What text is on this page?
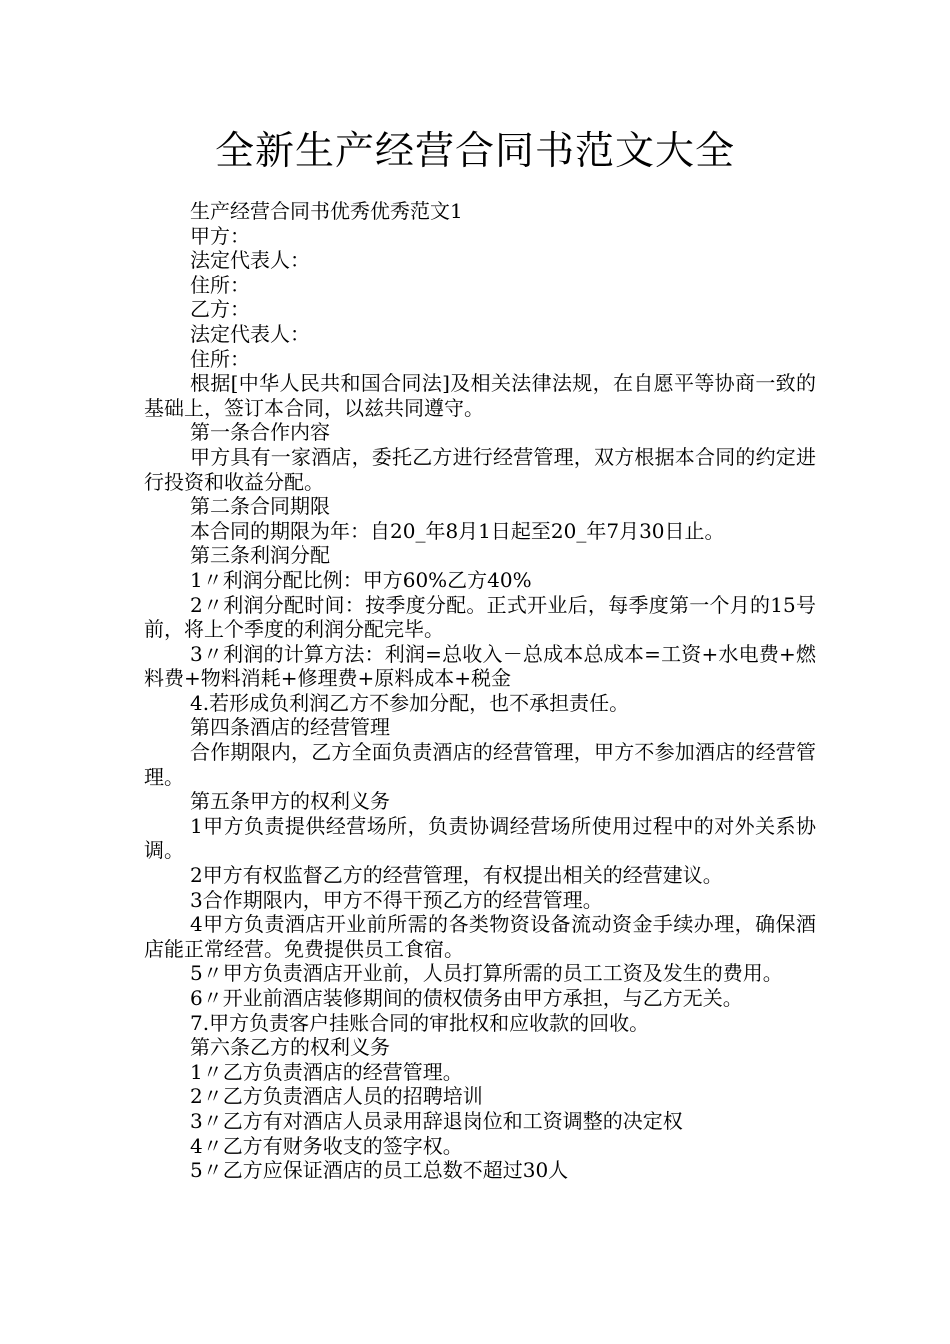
全新生产经营合同书范文大全

生产经营合同书优秀优秀范文1

甲方：

法定代表人：

住所：

乙方：

法定代表人：

住所：

根据[中华人民共和国合同法]及相关法律法规，在自愿平等协商一致的基础上，签订本合同，以兹共同遵守。

第一条合作内容

甲方具有一家酒店，委托乙方进行经营管理，双方根据本合同的约定进行投资和收益分配。

第二条合同期限

本合同的期限为年：自20_年8月1日起至20_年7月30日止。

第三条利润分配

1〃利润分配比例：甲方60%乙方40%

2〃利润分配时间：按季度分配。正式开业后，每季度第一个月的15号前，将上个季度的利润分配完毕。

3〃利润的计算方法：利润=总收入－总成本总成本=工资+水电费+燃料费+物料消耗+修理费+原料成本+税金

4.若形成负利润乙方不参加分配，也不承担责任。

第四条酒店的经营管理

合作期限内，乙方全面负责酒店的经营管理，甲方不参加酒店的经营管理。

第五条甲方的权利义务

1甲方负责提供经营场所，负责协调经营场所使用过程中的对外关系协调。

2甲方有权监督乙方的经营管理，有权提出相关的经营建议。

3合作期限内，甲方不得干预乙方的经营管理。

4甲方负责酒店开业前所需的各类物资设备流动资金手续办理，确保酒店能正常经营。免费提供员工食宿。

5〃甲方负责酒店开业前，人员打算所需的员工工资及发生的费用。

6〃开业前酒店装修期间的债权债务由甲方承担，与乙方无关。

7.甲方负责客户挂账合同的审批权和应收款的回收。

第六条乙方的权利义务

1〃乙方负责酒店的经营管理。

2〃乙方负责酒店人员的招聘培训

3〃乙方有对酒店人员录用辞退岗位和工资调整的决定权

4〃乙方有财务收支的签字权。

5〃乙方应保证酒店的员工总数不超过30人
